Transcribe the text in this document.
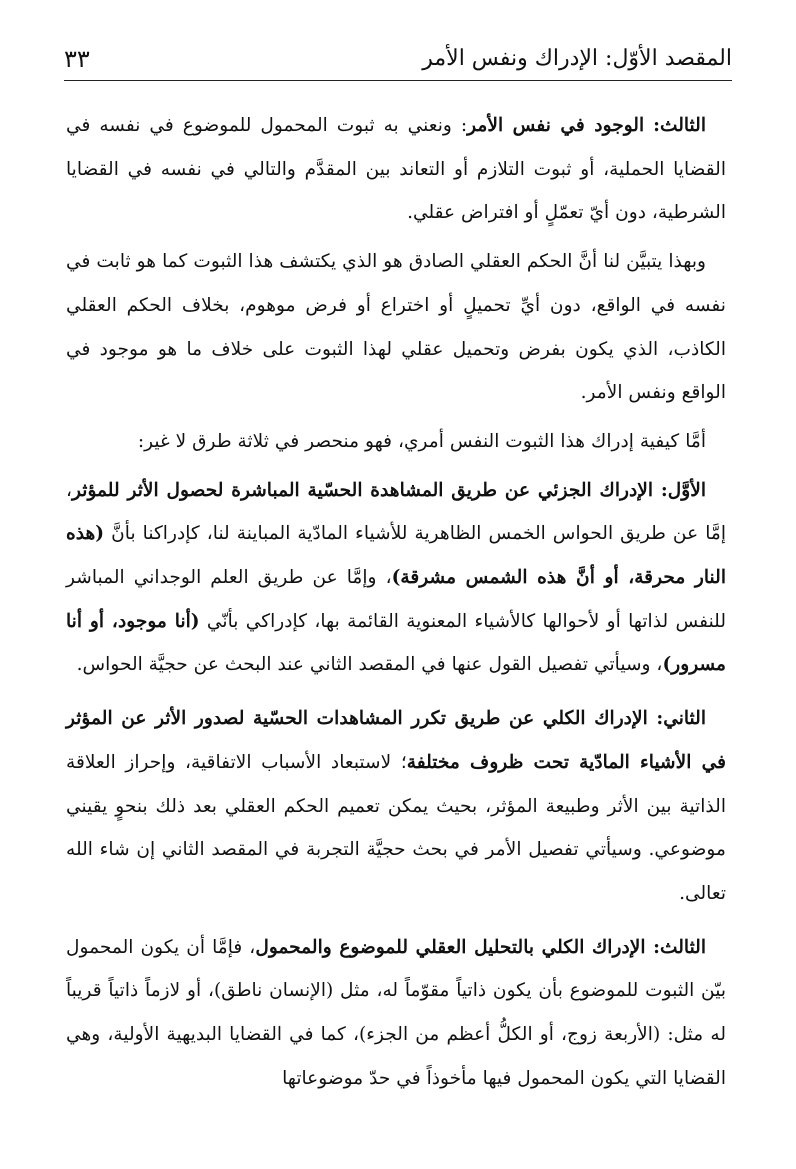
المقصد الأوّل: الإدراك ونفس الأمر
٣٣

الثالث: الوجود في نفس الأمر: ونعني به ثبوت المحمول للموضوع في نفسه في القضايا الحملية، أو ثبوت التلازم أو التعاند بين المقدَّم والتالي في نفسه في القضايا الشرطية، دون أيّ تعمّلٍ أو افتراض عقلي.

وبهذا يتبيَّن لنا أنَّ الحكم العقلي الصادق هو الذي يكتشف هذا الثبوت كما هو ثابت في نفسه في الواقع، دون أيِّ تحميلٍ أو اختراع أو فرض موهوم، بخلاف الحكم العقلي الكاذب، الذي يكون بفرض وتحميل عقلي لهذا الثبوت على خلاف ما هو موجود في الواقع ونفس الأمر.

أمَّا كيفية إدراك هذا الثبوت النفس أمري، فهو منحصر في ثلاثة طرق لا غير:

الأوَّل: الإدراك الجزئي عن طريق المشاهدة الحسّية المباشرة لحصول الأثر للمؤثر، إمَّا عن طريق الحواس الخمس الظاهرية للأشياء المادّية المباينة لنا، كإدراكنا بأنَّ (هذه النار محرقة، أو أنَّ هذه الشمس مشرقة)، وإمَّا عن طريق العلم الوجداني المباشر للنفس لذاتها أو لأحوالها كالأشياء المعنوية القائمة بها، كإدراكي بأنّي (أنا موجود، أو أنا مسرور)، وسيأتي تفصيل القول عنها في المقصد الثاني عند البحث عن حجيَّة الحواس.

الثاني: الإدراك الكلي عن طريق تكرر المشاهدات الحسّية لصدور الأثر عن المؤثر في الأشياء المادّية تحت ظروف مختلفة؛ لاستبعاد الأسباب الاتفاقية، وإحراز العلاقة الذاتية بين الأثر وطبيعة المؤثر، بحيث يمكن تعميم الحكم العقلي بعد ذلك بنحوٍ يقيني موضوعي. وسيأتي تفصيل الأمر في بحث حجيَّة التجربة في المقصد الثاني إن شاء الله تعالى.

الثالث: الإدراك الكلي بالتحليل العقلي للموضوع والمحمول، فإمَّا أن يكون المحمول بيّن الثبوت للموضوع بأن يكون ذاتياً مقوّماً له، مثل (الإنسان ناطق)، أو لازماً ذاتياً قريباً له مثل: (الأربعة زوج، أو الكلُّ أعظم من الجزء)، كما في القضايا البديهية الأولية، وهي القضايا التي يكون المحمول فيها مأخوذاً في حدّ موضوعاتها
